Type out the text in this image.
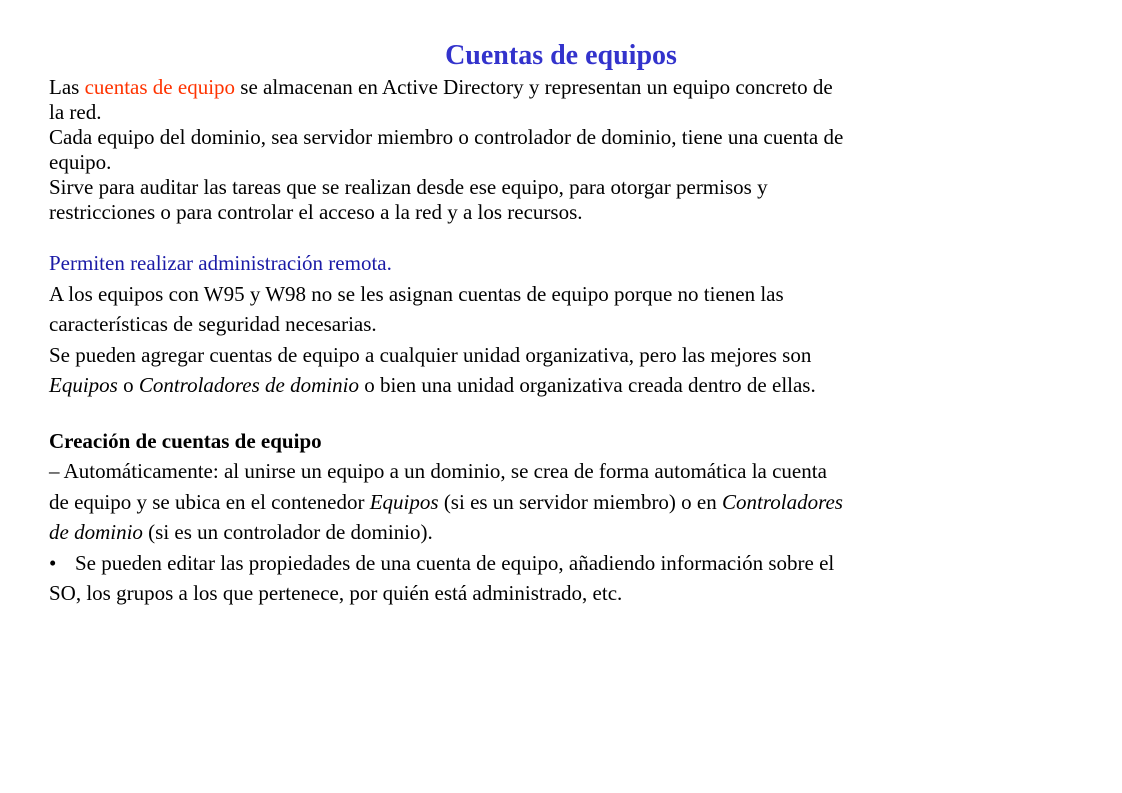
Cuentas de equipos
Las cuentas de equipo se almacenan en Active Directory y representan un equipo concreto de
la red.
Cada equipo del dominio, sea servidor miembro o controlador de dominio, tiene una cuenta de
equipo.
Sirve para auditar las tareas que se realizan desde ese equipo, para otorgar permisos y
restricciones o para controlar el acceso a la red y a los recursos.
Permiten realizar administración remota.
A los equipos con W95 y W98 no se les asignan cuentas de equipo porque no tienen las
características de seguridad necesarias.
Se pueden agregar cuentas de equipo a cualquier unidad organizativa, pero las mejores son
Equipos o Controladores de dominio o bien una unidad organizativa creada dentro de ellas.
Creación de cuentas de equipo
– Automáticamente: al unirse un equipo a un dominio, se crea de forma automática la cuenta
de equipo y se ubica en el contenedor Equipos (si es un servidor miembro) o en Controladores
de dominio (si es un controlador de dominio).
• Se pueden editar las propiedades de una cuenta de equipo, añadiendo información sobre el
SO, los grupos a los que pertenece, por quién está administrado, etc.
